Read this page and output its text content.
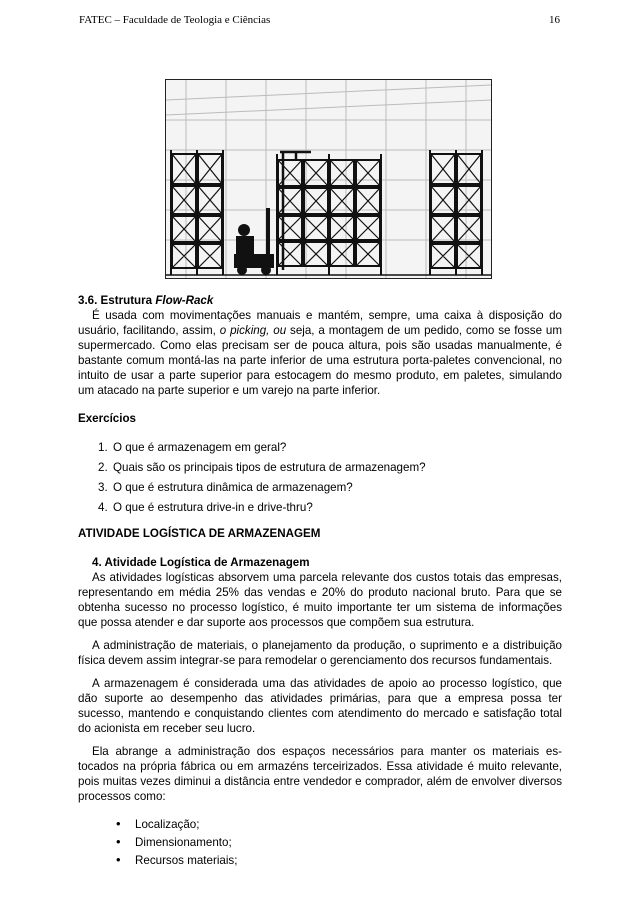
FATEC – Faculdade de Teologia e Ciências	16

3.6. Estrutura Flow-Rack

É usada com movimentações manuais e mantém, sempre, uma caixa à disposição do usuário, facilitando, assim, o picking, ou seja, a montagem de um pedido, como se fosse um supermercado. Como elas precisam ser de pouca altura, pois são usadas manualmente, é bastante comum montá-las na parte inferior de uma estrutura porta-paletes convencional, no intuito de usar a parte superior para estocagem do mesmo produto, em paletes, simulando um atacado na parte superior e um varejo na parte inferior.

Exercícios

1. O que é armazenagem em geral?
2. Quais são os principais tipos de estrutura de armazenagem?
3. O que é estrutura dinâmica de armazenagem?
4. O que é estrutura drive-in e drive-thru?

ATIVIDADE LOGÍSTICA DE ARMAZENAGEM

4. Atividade Logística de Armazenagem

As atividades logísticas absorvem uma parcela relevante dos custos totais das empresas, representando em média 25% das vendas e 20% do produto nacional bruto. Para que se obtenha sucesso no processo logístico, é muito importante ter um sistema de informações que possa atender e dar suporte aos processos que compõem sua estrutura.

A administração de materiais, o planejamento da produção, o suprimento e a distribuição física devem assim integrar-se para remodelar o gerenciamento dos recursos fundamentais.

A armazenagem é considerada uma das atividades de apoio ao processo logístico, que dão suporte ao desempenho das atividades primárias, para que a empresa possa ter sucesso, mantendo e conquistando clientes com atendimento do mercado e satisfação total do acionista em receber seu lucro.

Ela abrange a administração dos espaços necessários para manter os materiais es-tocados na própria fábrica ou em armazéns terceirizados. Essa atividade é muito relevante, pois muitas vezes diminui a distância entre vendedor e comprador, além de envolver diversos processos como:

• Localização;
• Dimensionamento;
• Recursos materiais;
